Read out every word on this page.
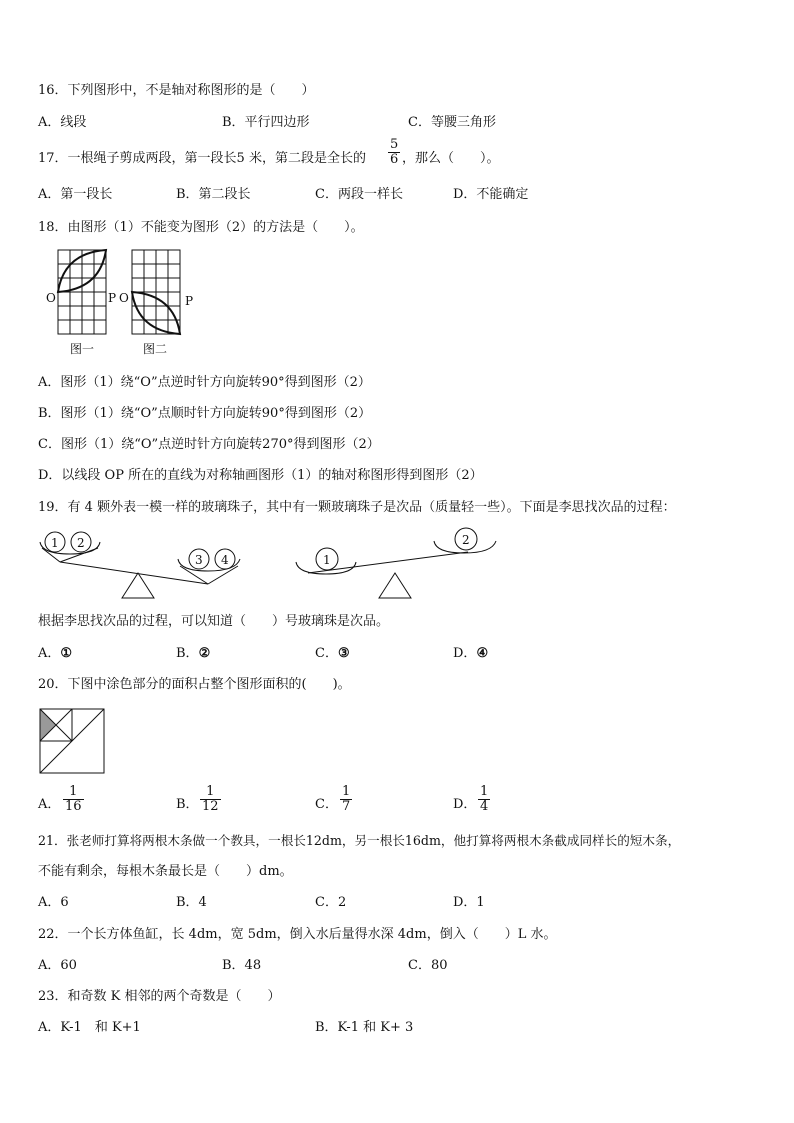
16．下列图形中，不是轴对称图形的是（　　）
A．线段	B．平行四边形	C．等腰三角形
17．一根绳子剪成两段，第一段长5 米，第二段是全长的 $\frac{5}{6}$ ，那么（　　）。
A．第一段长	B．第二段长	C．两段一样长	D．不能确定
18．由图形（1）不能变为图形（2）的方法是（　　）。
O	P O	P
图一	图二
A．图形（1）绕“O”点逆时针方向旋转90°得到图形（2）
B．图形（1）绕“O”点顺时针方向旋转90°得到图形（2）
C．图形（1）绕“O”点逆时针方向旋转270°得到图形（2）
D．以线段 OP 所在的直线为对称轴画图形（1）的轴对称图形得到图形（2）
19．有 4 颗外表一模一样的玻璃珠子，其中有一颗玻璃珠子是次品（质量轻一些）。下面是李思找次品的过程：
1 2
3 4	1
2
根据李思找次品的过程，可以知道（　　）号玻璃珠是次品。
A．①	B．②	C．③	D．④
20．下图中涂色部分的面积占整个图形面积的(　　)。
A． $\frac{1}{16}$	B． $\frac{1}{12}$	C． $\frac{1}{7}$	D． $\frac{1}{4}$
21．张老师打算将两根木条做一个教具，一根长12dm，另一根长16dm，他打算将两根木条截成同样长的短木条，
不能有剩余，每根木条最长是（　　）dm。
A．6	B．4	C．2	D．1
22．一个长方体鱼缸，长 4dm，宽 5dm，倒入水后量得水深 4dm，倒入（　　）L 水。
A．60	B．48	C．80
23．和奇数 K 相邻的两个奇数是（　　）
A．K-1　和 K+1	B．K-1 和 K+ 3
